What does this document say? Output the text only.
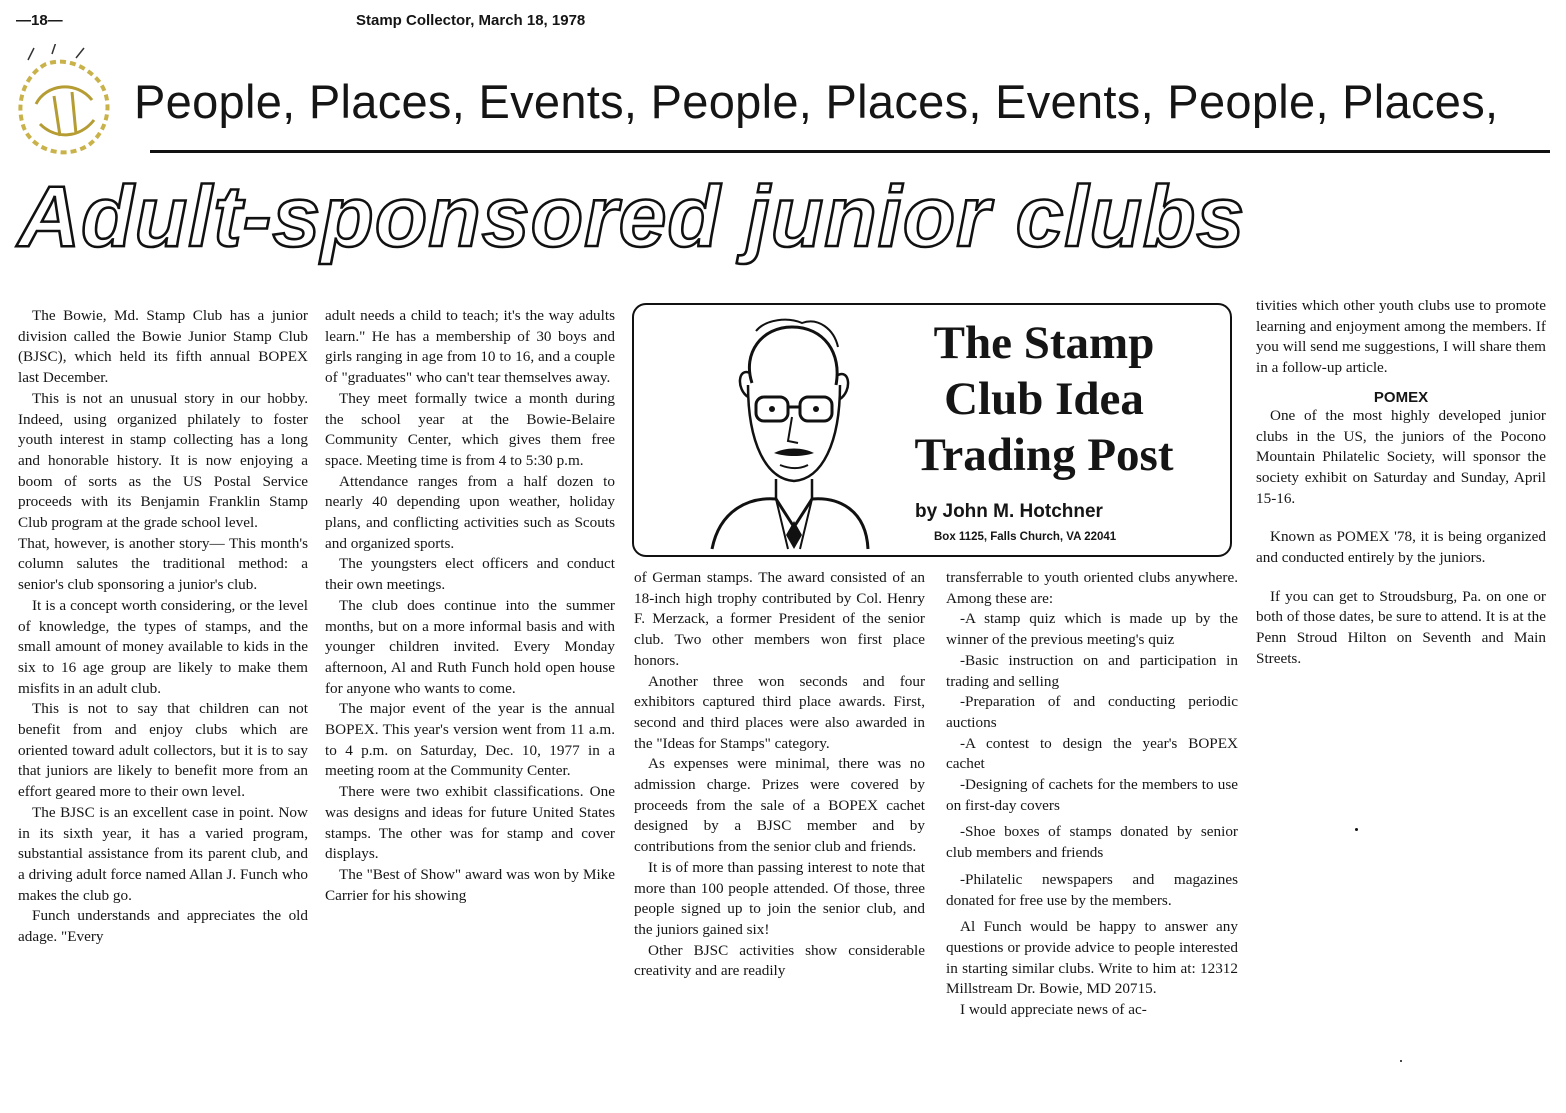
—18—	Stamp Collector, March 18, 1978
People, Places, Events, People, Places, Events, People, Places,
Adult-sponsored junior clubs

The Bowie, Md. Stamp Club has a junior division called the Bowie Junior Stamp Club (BJSC), which held its fifth annual BOPEX last December.

This is not an unusual story in our hobby. Indeed, using organized philately to foster youth interest in stamp collecting has a long and honorable history. It is now enjoying a boom of sorts as the US Postal Service proceeds with its Benjamin Franklin Stamp Club program at the grade school level.

That, however, is another story— This month's column salutes the traditional method: a senior's club sponsoring a junior's club.

It is a concept worth considering, or the level of knowledge, the types of stamps, and the small amount of money available to kids in the six to 16 age group are likely to make them misfits in an adult club.

This is not to say that children can not benefit from and enjoy clubs which are oriented toward adult collectors, but it is to say that juniors are likely to benefit more from an effort geared more to their own level.

The BJSC is an excellent case in point. Now in its sixth year, it has a varied program, substantial assistance from its parent club, and a driving adult force named Allan J. Funch who makes the club go.

Funch understands and appreciates the old adage. "Every

adult needs a child to teach; it's the way adults learn." He has a membership of 30 boys and girls ranging in age from 10 to 16, and a couple of "graduates" who can't tear themselves away.

They meet formally twice a month during the school year at the Bowie-Belaire Community Center, which gives them free space. Meeting time is from 4 to 5:30 p.m.

Attendance ranges from a half dozen to nearly 40 depending upon weather, holiday plans, and conflicting activities such as Scouts and organized sports.

The youngsters elect officers and conduct their own meetings.

The club does continue into the summer months, but on a more informal basis and with younger children invited. Every Monday afternoon, Al and Ruth Funch hold open house for anyone who wants to come.

The major event of the year is the annual BOPEX. This year's version went from 11 a.m. to 4 p.m. on Saturday, Dec. 10, 1977 in a meeting room at the Community Center.

There were two exhibit classifications. One was designs and ideas for future United States stamps. The other was for stamp and cover displays.

The "Best of Show" award was won by Mike Carrier for his showing

The Stamp
Club Idea
Trading Post
by John M. Hotchner
Box 1125, Falls Church, VA 22041

of German stamps. The award consisted of an 18-inch high trophy contributed by Col. Henry F. Merzack, a former President of the senior club. Two other members won first place honors.

Another three won seconds and four exhibitors captured third place awards. First, second and third places were also awarded in the "Ideas for Stamps" category.

As expenses were minimal, there was no admission charge. Prizes were covered by proceeds from the sale of a BOPEX cachet designed by a BJSC member and by contributions from the senior club and friends.

It is of more than passing interest to note that more than 100 people attended. Of those, three people signed up to join the senior club, and the juniors gained six!

Other BJSC activities show considerable creativity and are readily

transferrable to youth oriented clubs anywhere. Among these are:

-A stamp quiz which is made up by the winner of the previous meeting's quiz

-Basic instruction on and participation in trading and selling

-Preparation of and conducting periodic auctions

-A contest to design the year's BOPEX cachet

-Designing of cachets for the members to use on first-day covers

-Shoe boxes of stamps donated by senior club members and friends

-Philatelic newspapers and magazines donated for free use by the members.

Al Funch would be happy to answer any questions or provide advice to people interested in starting similar clubs. Write to him at: 12312 Millstream Dr. Bowie, MD 20715.

I would appreciate news of ac-

tivities which other youth clubs use to promote learning and enjoyment among the members. If you will send me suggestions, I will share them in a follow-up article.

POMEX

One of the most highly developed junior clubs in the US, the juniors of the Pocono Mountain Philatelic Society, will sponsor the society exhibit on Saturday and Sunday, April 15-16.

Known as POMEX '78, it is being organized and conducted entirely by the juniors.

If you can get to Stroudsburg, Pa. on one or both of those dates, be sure to attend. It is at the Penn Stroud Hilton on Seventh and Main Streets.
